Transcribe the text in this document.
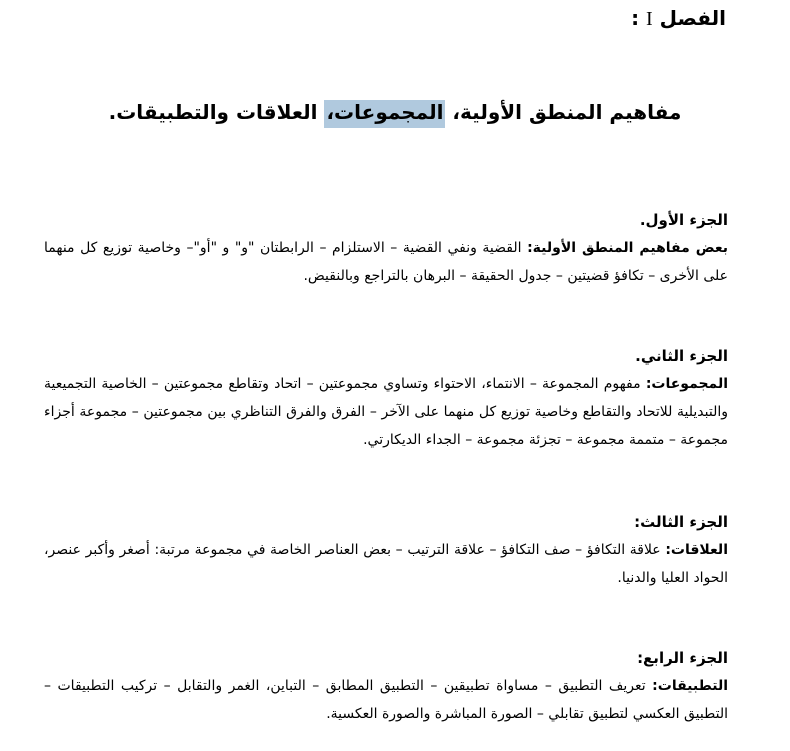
الفصل I :
مفاهيم المنطق الأولية، المجموعات، العلاقات والتطبيقات.
الجزء الأول.
بعض مفاهيم المنطق الأولية: القضية ونفي القضية – الاستلزام – الرابطتان "و" و "أو"– وخاصية توزيع كل منهما على الأخرى – تكافؤ قضيتين – جدول الحقيقة – البرهان بالتراجع وبالنقيض.
الجزء الثاني.
المجموعات: مفهوم المجموعة – الانتماء، الاحتواء وتساوي مجموعتين – اتحاد وتقاطع مجموعتين – الخاصية التجميعية والتبديلية للاتحاد والتقاطع وخاصية توزيع كل منهما على الآخر – الفرق والفرق التناظري بين مجموعتين – مجموعة أجزاء مجموعة – متممة مجموعة – تجزئة مجموعة – الجداء الديكارتي.
الجزء الثالث:
العلاقات: علاقة التكافؤ – صف التكافؤ – علاقة الترتيب – بعض العناصر الخاصة في مجموعة مرتبة: أصغر وأكبر عنصر، الحواد العليا والدنيا.
الجزء الرابع:
التطبيقات: تعريف التطبيق – مساواة تطبيقين – التطبيق المطابق – التباين، الغمر والتقابل – تركيب التطبيقات – التطبيق العكسي لتطبيق تقابلي – الصورة المباشرة والصورة العكسية.
